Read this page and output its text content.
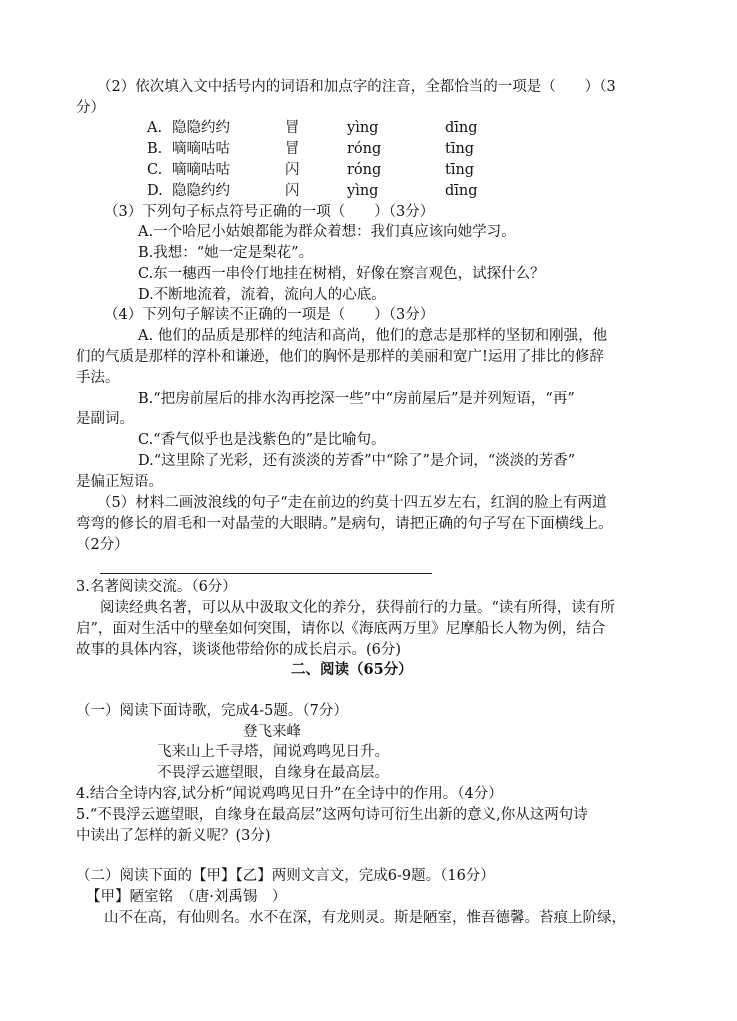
（2）依次填入文中括号内的词语和加点字的注音，全都恰当的一项是（　　）（3
分）
A. 隐隐约约	冒	yìng	dīng
B. 嘀嘀咕咕	冒	róng	tīng
C. 嘀嘀咕咕	闪	róng	tīng
D. 隐隐约约	闪	yìng	dīng
（3）下列句子标点符号正确的一项（　　）（3分）
A.一个哈尼小姑娘都能为群众着想：我们真应该向她学习。
B.我想：“她一定是梨花”。
C.东一穗西一串伶仃地挂在树梢，好像在察言观色，试探什么？
D.不断地流着，流着，流向人的心底。
（4）下列句子解读不正确的一项是（　　）（3分）
A. 他们的品质是那样的纯洁和高尚，他们的意志是那样的坚韧和刚强，他
们的气质是那样的淳朴和谦逊，他们的胸怀是那样的美丽和宽广!运用了排比的修辞
手法。
B.“把房前屋后的排水沟再挖深一些”中“房前屋后”是并列短语，“再”
是副词。
C.“香气似乎也是浅紫色的”是比喻句。
D.“这里除了光彩，还有淡淡的芳香”中“除了”是介词，“淡淡的芳香”
是偏正短语。
（5）材料二画波浪线的句子“走在前边的约莫十四五岁左右，红润的脸上有两道
弯弯的修长的眉毛和一对晶莹的大眼睛。”是病句，请把正确的句子写在下面横线上。
（2分）
3.名著阅读交流。（6分）
阅读经典名著，可以从中汲取文化的养分，获得前行的力量。“读有所得，读有所
启”，面对生活中的壁垒如何突围，请你以《海底两万里》尼摩船长人物为例，结合
故事的具体内容，谈谈他带给你的成长启示。(6分)
二、阅读（65分）
（一）阅读下面诗歌，完成4-5题。（7分）
登飞来峰
飞来山上千寻塔，闻说鸡鸣见日升。
不畏浮云遮望眼，自缘身在最高层。
4.结合全诗内容,试分析“闻说鸡鸣见日升”在全诗中的作用。（4分）
5.“不畏浮云遮望眼，自缘身在最高层”这两句诗可衍生出新的意义,你从这两句诗
中读出了怎样的新义呢？(3分)
（二）阅读下面的【甲】【乙】两则文言文，完成6-9题。（16分）
【甲】陋室铭　（唐·刘禹锡　）
山不在高，有仙则名。水不在深，有龙则灵。斯是陋室，惟吾德馨。苔痕上阶绿，
